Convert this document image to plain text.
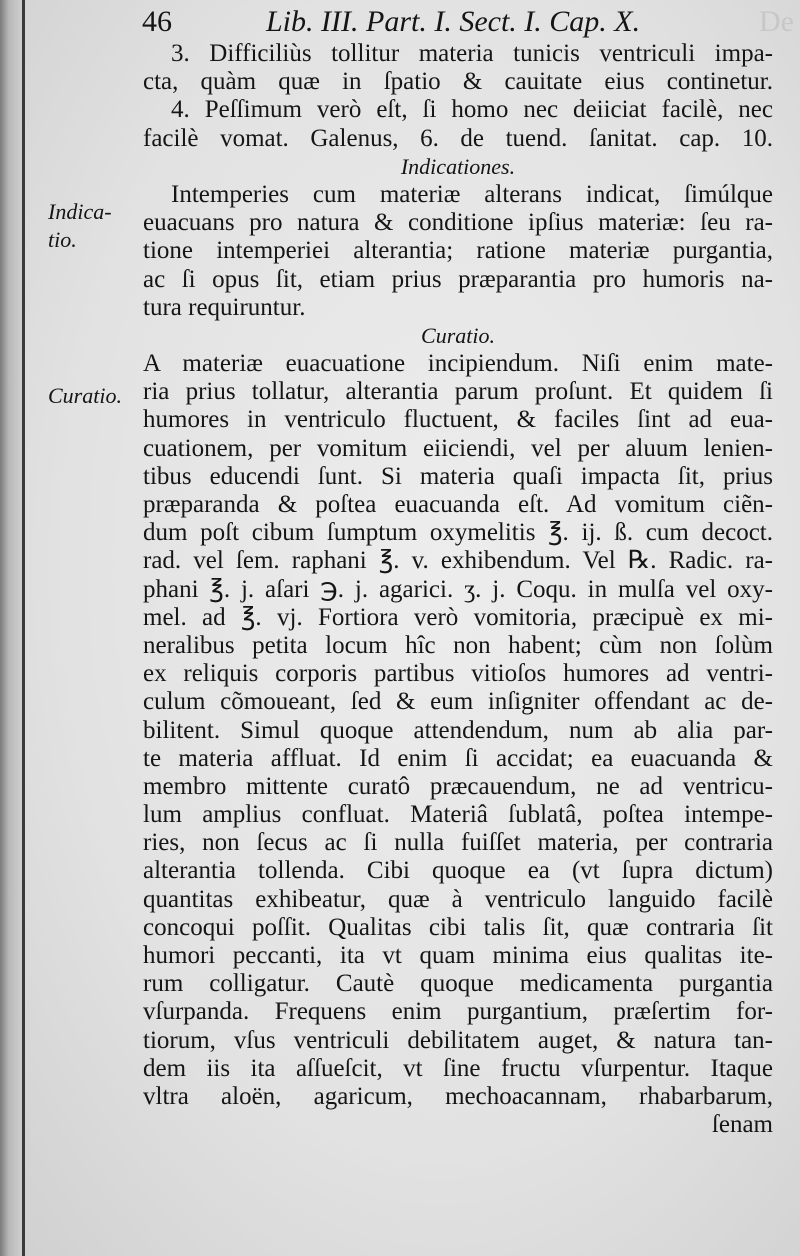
46	Lib. III. Part. I. Sect. I. Cap. X.	De
Indica-
tio.
Curatio.
3. Difficiliùs tollitur materia tunicis ventriculi impa-
cta, quàm quæ in ſpatio & cauitate eius continetur.
4. Peſſimum verò eſt, ſi homo nec deiiciat facilè, nec
facilè vomat. Galenus, 6. de tuend. ſanitat. cap. 10.
Indicationes.
Intemperies cum materiæ alterans indicat, ſimúlque
euacuans pro natura & conditione ipſius materiæ: ſeu ra-
tione intemperiei alterantia; ratione materiæ purgantia,
ac ſi opus ſit, etiam prius præparantia pro humoris na-
tura requiruntur.
Curatio.
A materiæ euacuatione incipiendum. Niſi enim mate-
ria prius tollatur, alterantia parum proſunt. Et quidem ſi
humores in ventriculo fluctuent, & faciles ſint ad eua-
cuationem, per vomitum eiiciendi, vel per aluum lenien-
tibus educendi ſunt. Si materia quaſi impacta ſit, prius
præparanda & poſtea euacuanda eſt. Ad vomitum ciẽn-
dum poſt cibum ſumptum oxymelitis ℥. ij. ß. cum decoct.
rad. vel ſem. raphani ℥. v. exhibendum. Vel ℞. Radic. ra-
phani ℥. j. aſari ℈. j. agarici. ʒ. j. Coqu. in mulſa vel oxy-
mel. ad ℥. vj. Fortiora verò vomitoria, præcipuè ex mi-
neralibus petita locum hîc non habent; cùm non ſolùm
ex reliquis corporis partibus vitioſos humores ad ventri-
culum cõmoueant, ſed & eum inſigniter offendant ac de-
bilitent. Simul quoque attendendum, num ab alia par-
te materia affluat. Id enim ſi accidat; ea euacuanda &
membro mittente curatô præcauendum, ne ad ventricu-
lum amplius confluat. Materiâ ſublatâ, poſtea intempe-
ries, non ſecus ac ſi nulla fuiſſet materia, per contraria
alterantia tollenda. Cibi quoque ea (vt ſupra dictum)
quantitas exhibeatur, quæ à ventriculo languido facilè
concoqui poſſit. Qualitas cibi talis ſit, quæ contraria ſit
humori peccanti, ita vt quam minima eius qualitas ite-
rum colligatur. Cautè quoque medicamenta purgantia
vſurpanda. Frequens enim purgantium, præſertim for-
tiorum, vſus ventriculi debilitatem auget, & natura tan-
dem iis ita aſſueſcit, vt ſine fructu vſurpentur. Itaque
vltra aloën, agaricum, mechoacannam, rhabarbarum,
ſenam
